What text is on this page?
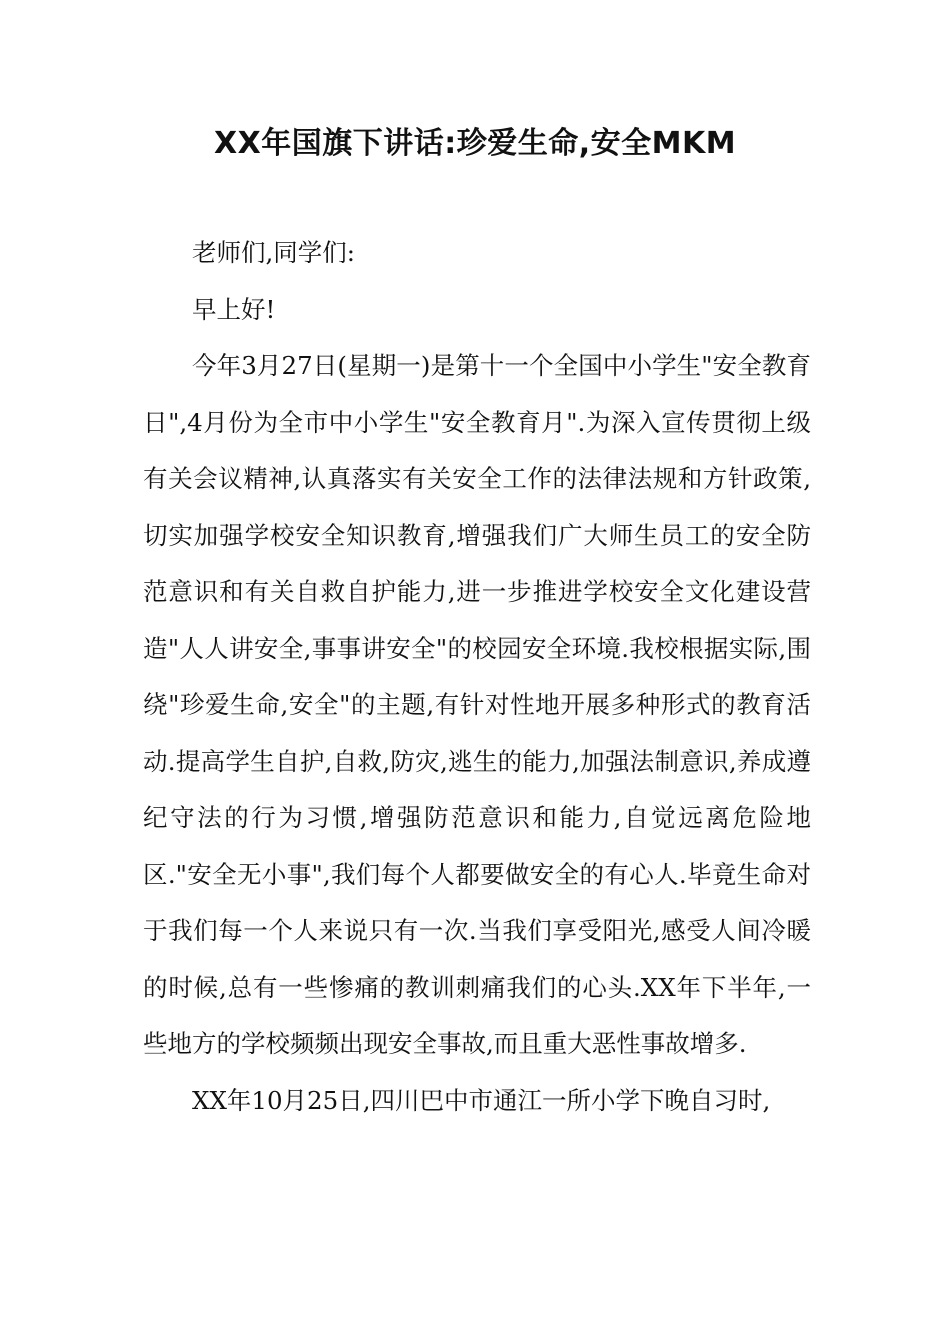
XX年国旗下讲话:珍爱生命,安全MKM

老师们,同学们:

早上好!

今年3月27日(星期一)是第十一个全国中小学生"安全教育日",4月份为全市中小学生"安全教育月".为深入宣传贯彻上级有关会议精神,认真落实有关安全工作的法律法规和方针政策,切实加强学校安全知识教育,增强我们广大师生员工的安全防范意识和有关自救自护能力,进一步推进学校安全文化建设营造"人人讲安全,事事讲安全"的校园安全环境.我校根据实际,围绕"珍爱生命,安全"的主题,有针对性地开展多种形式的教育活动.提高学生自护,自救,防灾,逃生的能力,加强法制意识,养成遵纪守法的行为习惯,增强防范意识和能力,自觉远离危险地区."安全无小事",我们每个人都要做安全的有心人.毕竟生命对于我们每一个人来说只有一次.当我们享受阳光,感受人间冷暖的时候,总有一些惨痛的教训刺痛我们的心头.XX年下半年,一些地方的学校频频出现安全事故,而且重大恶性事故增多.

XX年10月25日,四川巴中市通江一所小学下晚自习时,
